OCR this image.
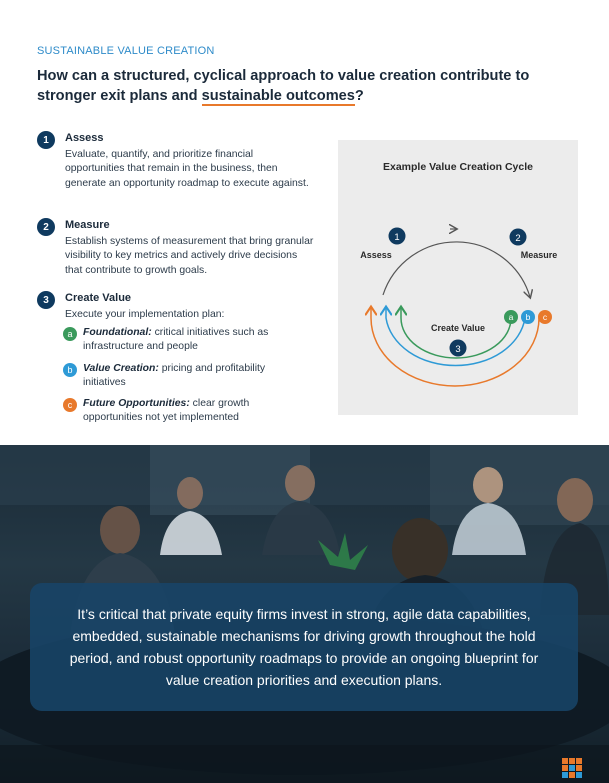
SUSTAINABLE VALUE CREATION
How can a structured, cyclical approach to value creation contribute to stronger exit plans and sustainable outcomes?
1	Assess
Evaluate, quantify, and prioritize financial opportunities that remain in the business, then generate an opportunity roadmap to execute against.
2	Measure
Establish systems of measurement that bring granular visibility to key metrics and actively drive decisions that contribute to growth goals.
3	Create Value
Execute your implementation plan:
a	Foundational: critical initiatives such as infrastructure and people
b	Value Creation: pricing and profitability initiatives
c	Future Opportunities: clear growth opportunities not yet implemented
Example Value Creation Cycle
1
Assess
2
Measure
Create Value
3
a b c
It’s critical that private equity firms invest in strong, agile data capabilities, embedded, sustainable mechanisms for driving growth throughout the hold period, and robust opportunity roadmaps to provide an ongoing blueprint for value creation priorities and execution plans.
